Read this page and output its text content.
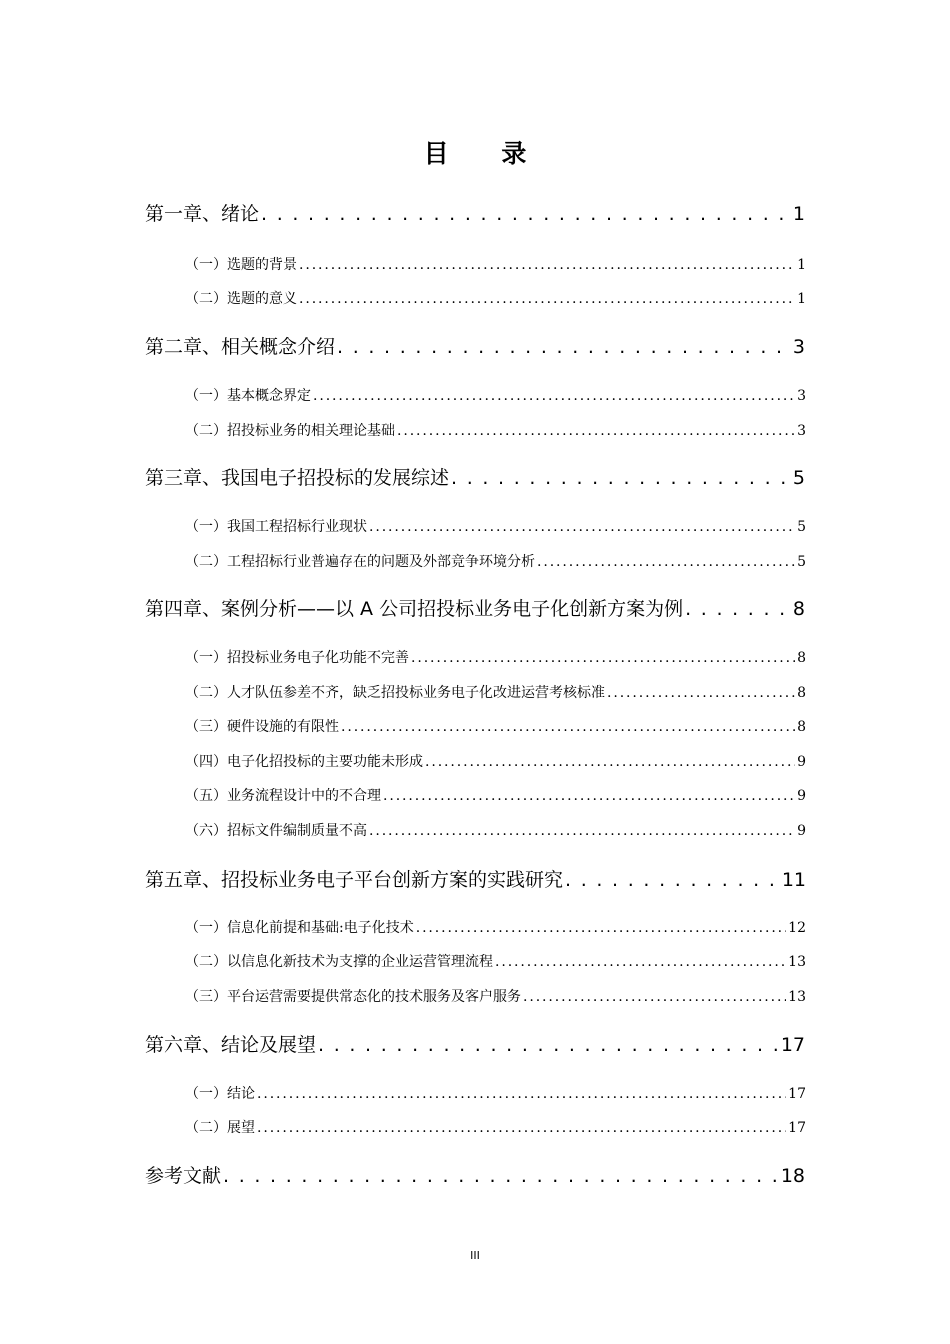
目 录
第一章、绪论 . . .	1
（一）选题的背景 .....	1
（二）选题的意义 .....	1
第二章、相关概念介绍 . . .	3
（一）基本概念界定 .....	3
（二）招投标业务的相关理论基础 .....	3
第三章、我国电子招投标的发展综述 . . .	5
（一）我国工程招标行业现状 .....	5
（二）工程招标行业普遍存在的问题及外部竞争环境分析 .....	5
第四章、案例分析——以 A 公司招投标业务电子化创新方案为例 . . .	8
（一）招投标业务电子化功能不完善 .....	8
（二）人才队伍参差不齐，缺乏招投标业务电子化改进运营考核标准 .....	8
（三）硬件设施的有限性 .....	8
（四）电子化招投标的主要功能未形成 .....	9
（五）业务流程设计中的不合理 .....	9
（六）招标文件编制质量不高 .....	9
第五章、招投标业务电子平台创新方案的实践研究 . . .	11
（一）信息化前提和基础:电子化技术 .....	12
（二）以信息化新技术为支撑的企业运营管理流程 .....	13
（三）平台运营需要提供常态化的技术服务及客户服务 .....	13
第六章、结论及展望 . . .	17
（一）结论 .....	17
（二）展望 .....	17
参考文献 . . .	18
III
